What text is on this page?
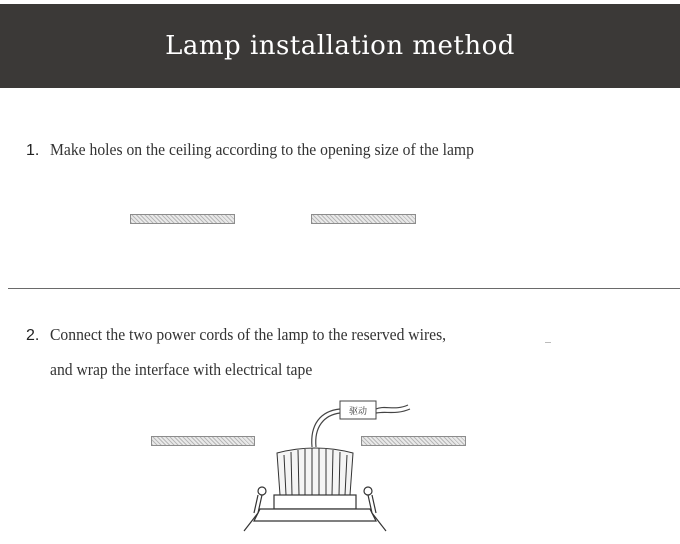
Lamp installation method
1. Make holes on the ceiling according to the opening size of the lamp
2. Connect the two power cords of the lamp to the reserved wires,
and wrap the interface with electrical tape
驱动
